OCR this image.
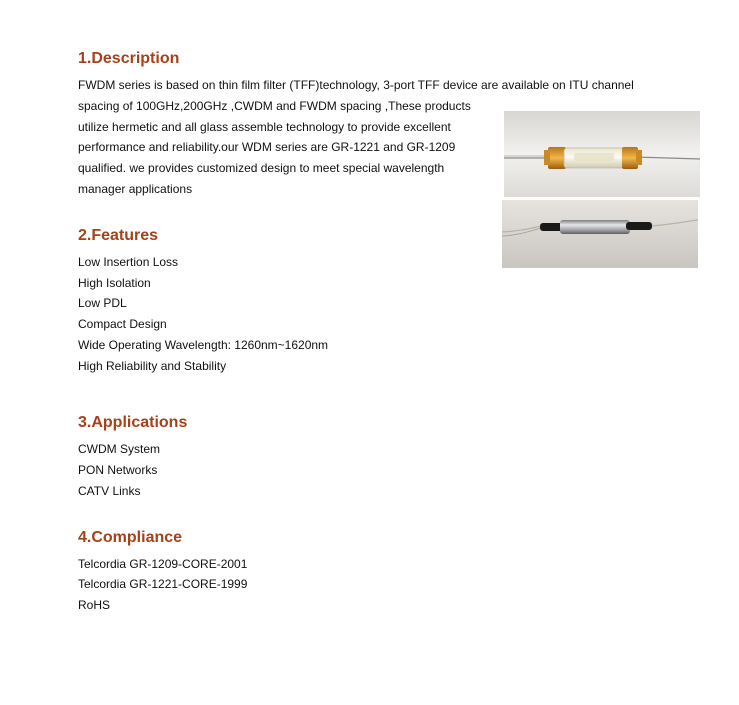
1.Description

FWDM series is based on thin film filter (TFF)technology, 3-port TFF device are available on ITU channel

spacing of 100GHz,200GHz ,CWDM and FWDM spacing ,These products

utilize hermetic and all glass assemble technology to provide excellent

performance and reliability.our WDM series are GR-1221 and GR-1209

qualified. we provides customized design to meet special wavelength

manager applications

2.Features

Low Insertion Loss

High Isolation

Low PDL

Compact Design

Wide Operating Wavelength: 1260nm~1620nm

High Reliability and Stability

3.Applications

CWDM System

PON Networks

CATV Links

4.Compliance

Telcordia GR-1209-CORE-2001

Telcordia GR-1221-CORE-1999

RoHS
